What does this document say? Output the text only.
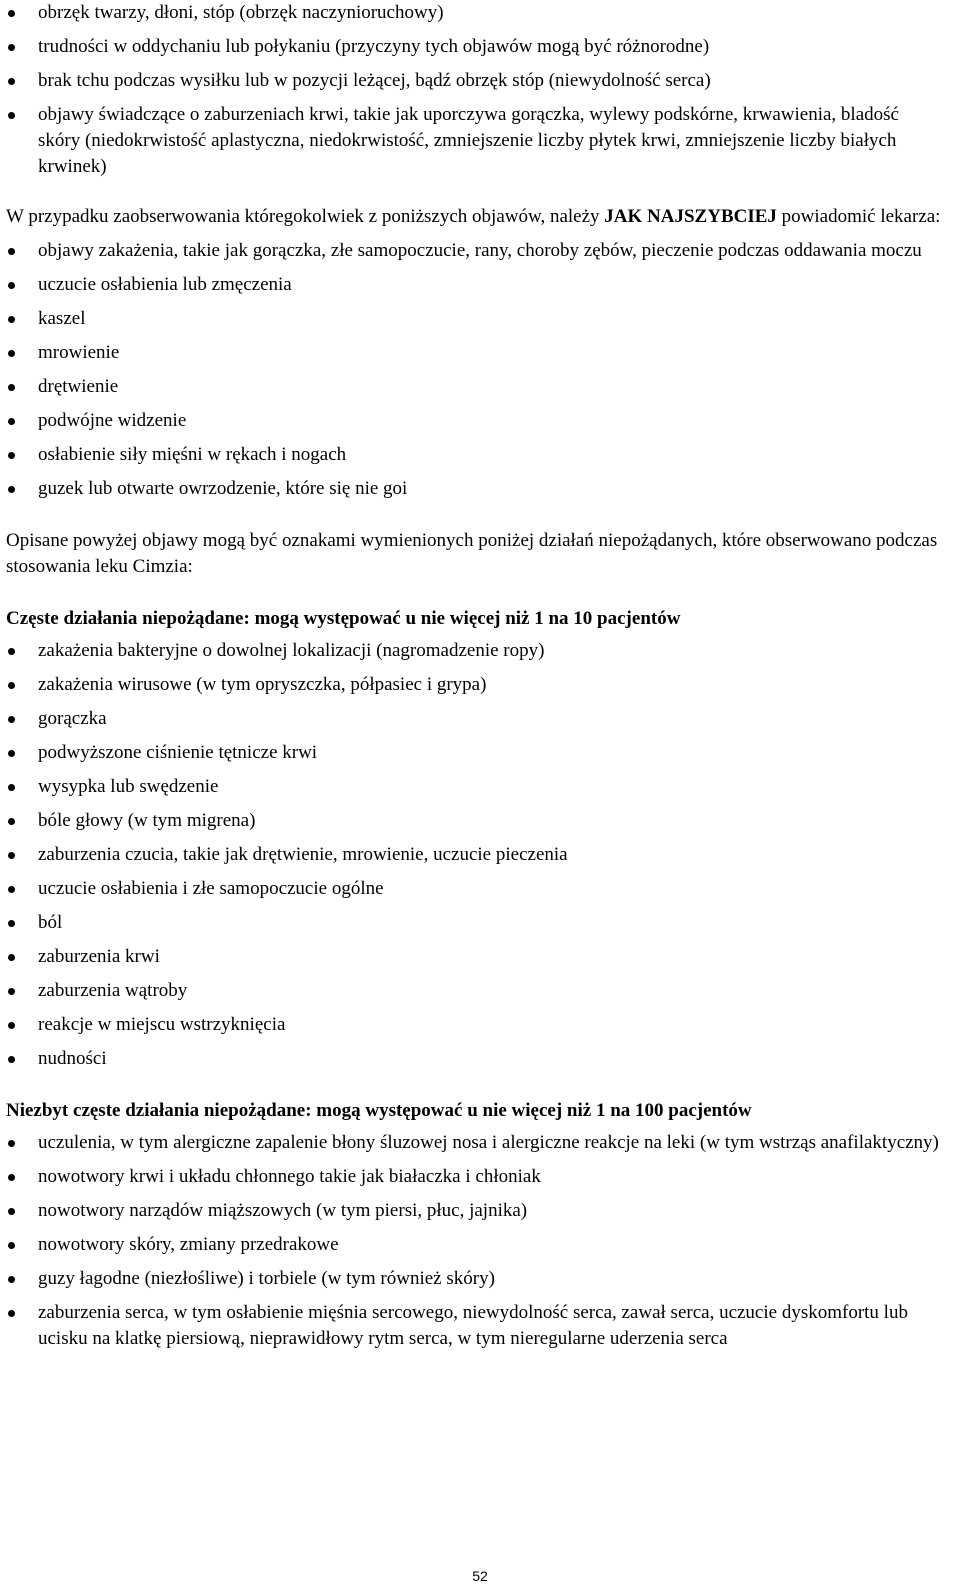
obrzęk twarzy, dłoni, stóp (obrzęk naczynioruchowy)
trudności w oddychaniu lub połykaniu (przyczyny tych objawów mogą być różnorodne)
brak tchu podczas wysiłku lub w pozycji leżącej, bądź obrzęk stóp (niewydolność serca)
objawy świadczące o zaburzeniach krwi, takie jak uporczywa gorączka, wylewy podskórne, krwawienia, bladość skóry (niedokrwistość aplastyczna, niedokrwistość, zmniejszenie liczby płytek krwi, zmniejszenie liczby białych krwinek)

W przypadku zaobserwowania któregokolwiek z poniższych objawów, należy JAK NAJSZYBCIEJ powiadomić lekarza:

objawy zakażenia, takie jak gorączka, złe samopoczucie, rany, choroby zębów, pieczenie podczas oddawania moczu
uczucie osłabienia lub zmęczenia
kaszel
mrowienie
drętwienie
podwójne widzenie
osłabienie siły mięśni w rękach i nogach
guzek lub otwarte owrzodzenie, które się nie goi

Opisane powyżej objawy mogą być oznakami wymienionych poniżej działań niepożądanych, które obserwowano podczas stosowania leku Cimzia:

Częste działania niepożądane: mogą występować u nie więcej niż 1 na 10 pacjentów

zakażenia bakteryjne o dowolnej lokalizacji (nagromadzenie ropy)
zakażenia wirusowe (w tym opryszczka, półpasiec i grypa)
gorączka
podwyższone ciśnienie tętnicze krwi
wysypka lub swędzenie
bóle głowy (w tym migrena)
zaburzenia czucia, takie jak drętwienie, mrowienie, uczucie pieczenia
uczucie osłabienia i złe samopoczucie ogólne
ból
zaburzenia krwi
zaburzenia wątroby
reakcje w miejscu wstrzyknięcia
nudności

Niezbyt częste działania niepożądane: mogą występować u nie więcej niż 1 na 100 pacjentów

uczulenia, w tym alergiczne zapalenie błony śluzowej nosa i alergiczne reakcje na leki (w tym wstrząs anafilaktyczny)
nowotwory krwi i układu chłonnego takie jak białaczka i chłoniak
nowotwory narządów miąższowych (w tym piersi, płuc, jajnika)
nowotwory skóry, zmiany przedrakowe
guzy łagodne (niezłośliwe) i torbiele (w tym również skóry)
zaburzenia serca, w tym osłabienie mięśnia sercowego, niewydolność serca, zawał serca, uczucie dyskomfortu lub ucisku na klatkę piersiową, nieprawidłowy rytm serca, w tym nieregularne uderzenia serca
52
